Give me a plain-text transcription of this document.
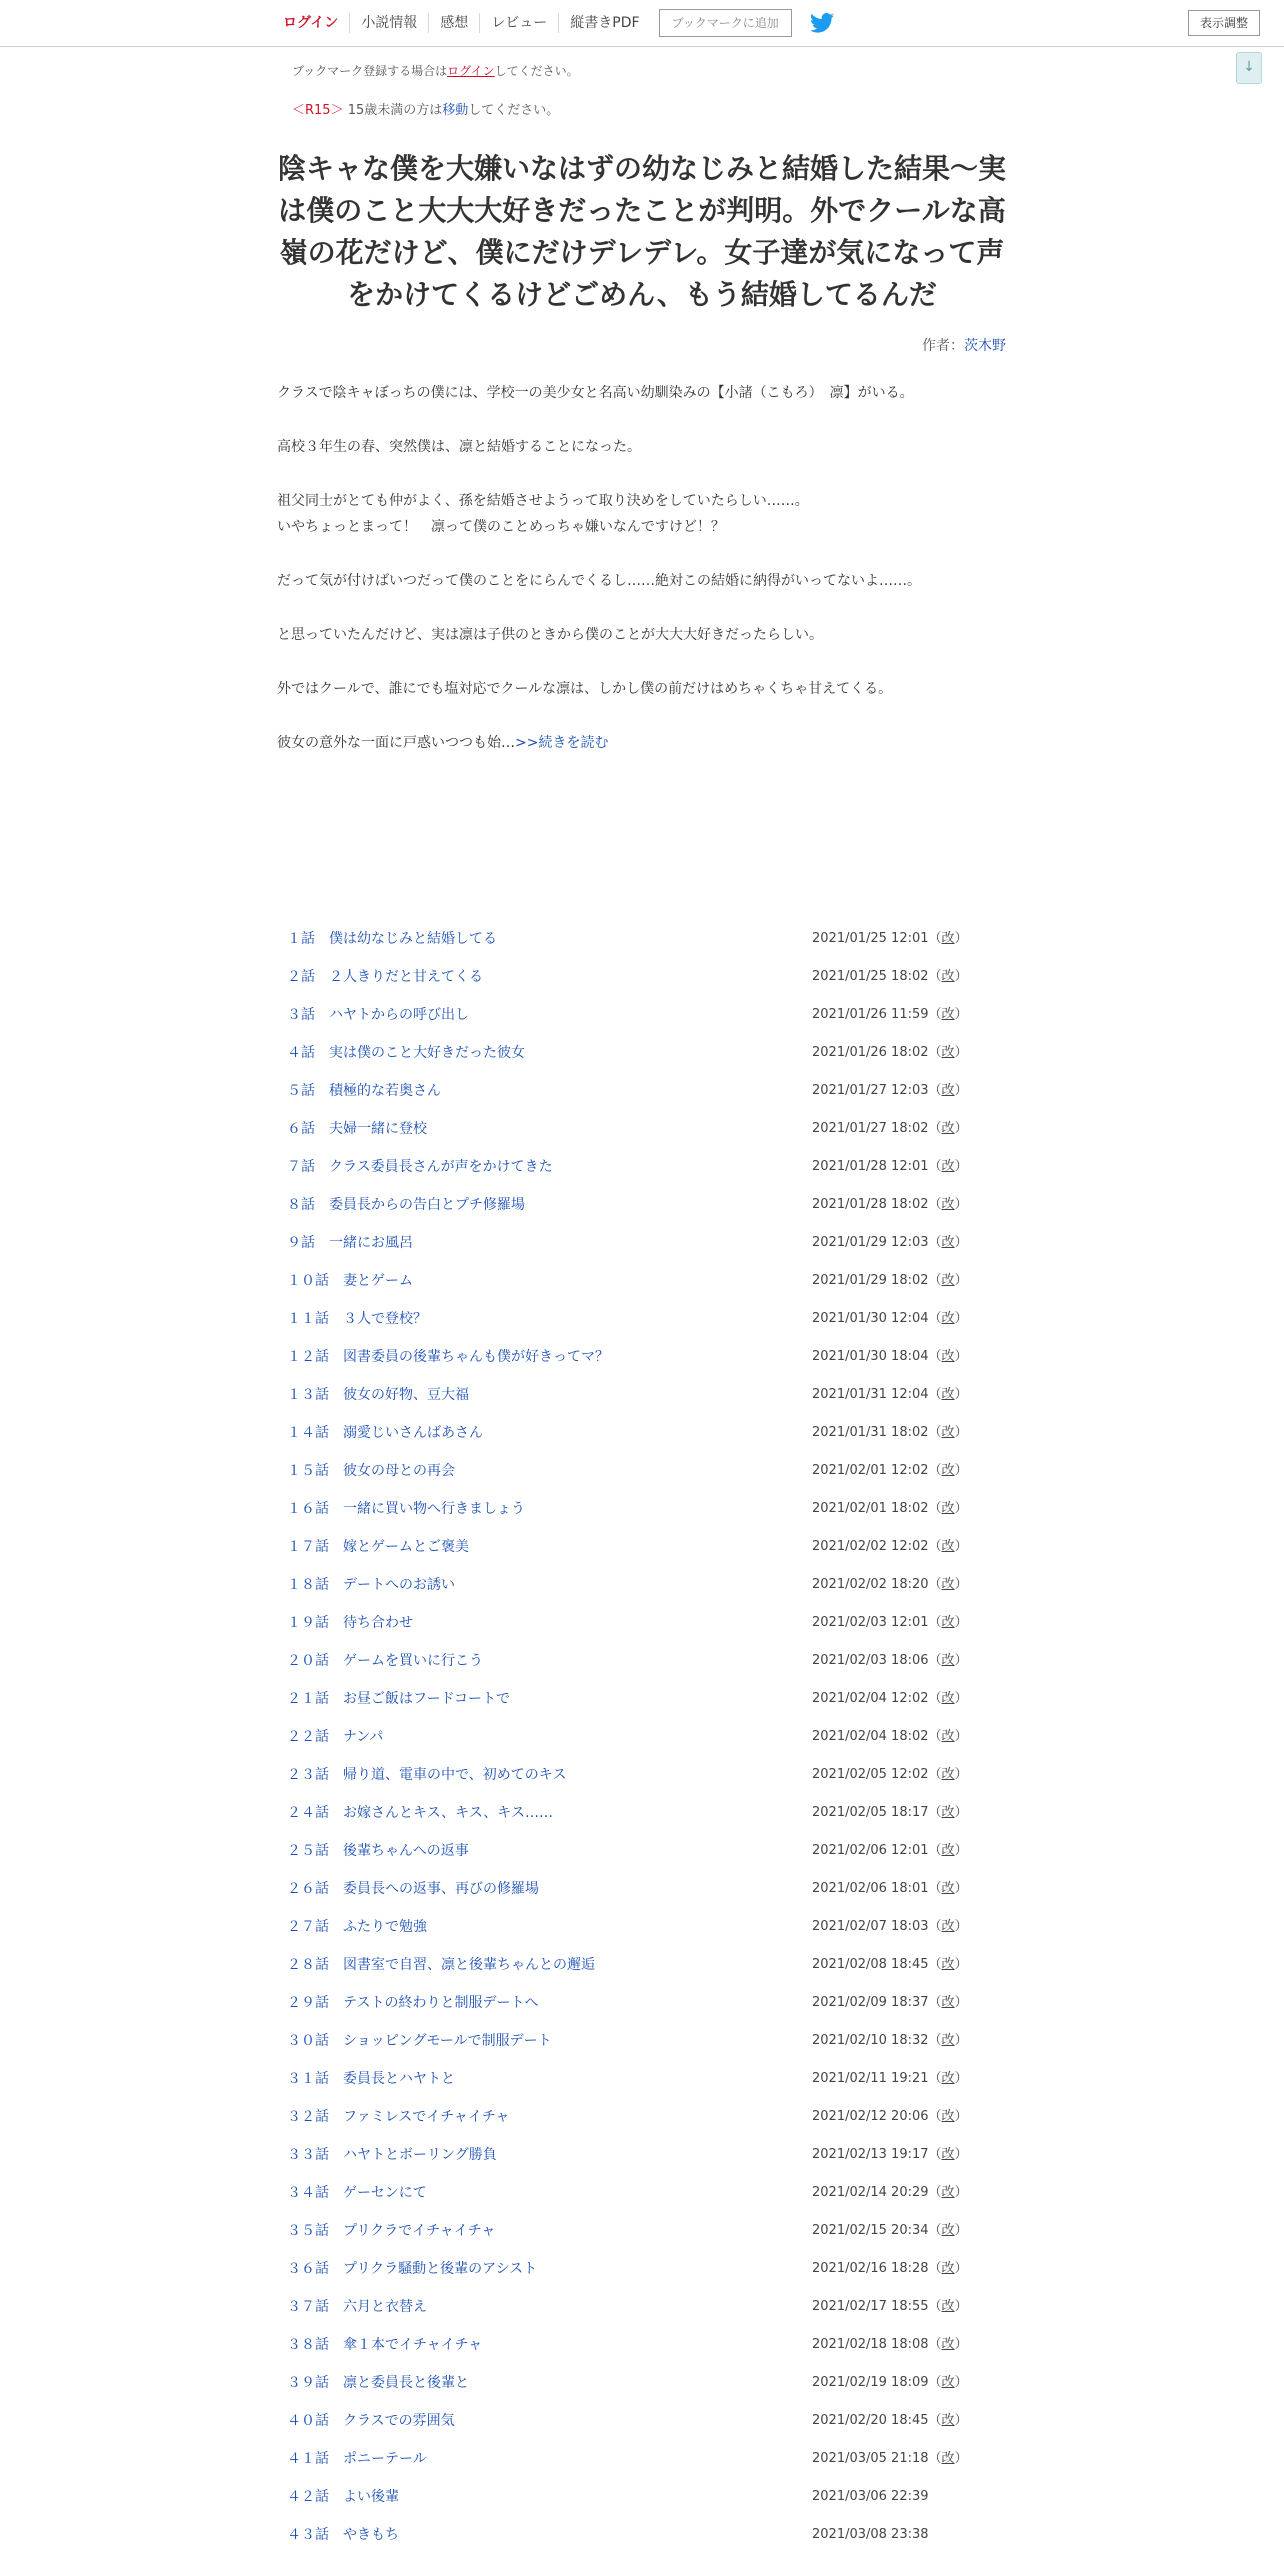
ログイン	小説情報	感想	レビュー	縦書きPDF	ブックマークに追加	表示調整
↓
ブックマーク登録する場合はログインしてください。
＜R15＞ 15歳未満の方は移動してください。
陰キャな僕を大嫌いなはずの幼なじみと結婚した結果～実は僕のこと大大大好きだったことが判明。外でクールな高嶺の花だけど、僕にだけデレデレ。女子達が気になって声をかけてくるけどごめん、もう結婚してるんだ
作者：茨木野

クラスで陰キャぼっちの僕には、学校一の美少女と名高い幼馴染みの【小諸（こもろ）　凛】がいる。

高校３年生の春、突然僕は、凛と結婚することになった。

祖父同士がとても仲がよく、孫を結婚させようって取り決めをしていたらしい……。
いやちょっとまって！　凛って僕のことめっちゃ嫌いなんですけど！？

だって気が付けばいつだって僕のことをにらんでくるし……絶対この結婚に納得がいってないよ……。

と思っていたんだけど、実は凛は子供のときから僕のことが大大大好きだったらしい。

外ではクールで、誰にでも塩対応でクールな凛は、しかし僕の前だけはめちゃくちゃ甘えてくる。

彼女の意外な一面に戸惑いつつも始…>>続きを読む

１話　僕は幼なじみと結婚してる	2021/01/25 12:01（改）
２話　２人きりだと甘えてくる	2021/01/25 18:02（改）
３話　ハヤトからの呼び出し	2021/01/26 11:59（改）
４話　実は僕のこと大好きだった彼女	2021/01/26 18:02（改）
５話　積極的な若奥さん	2021/01/27 12:03（改）
６話　夫婦一緒に登校	2021/01/27 18:02（改）
７話　クラス委員長さんが声をかけてきた	2021/01/28 12:01（改）
８話　委員長からの告白とプチ修羅場	2021/01/28 18:02（改）
９話　一緒にお風呂	2021/01/29 12:03（改）
１０話　妻とゲーム	2021/01/29 18:02（改）
１１話　３人で登校？	2021/01/30 12:04（改）
１２話　図書委員の後輩ちゃんも僕が好きってマ？	2021/01/30 18:04（改）
１３話　彼女の好物、豆大福	2021/01/31 12:04（改）
１４話　溺愛じいさんばあさん	2021/01/31 18:02（改）
１５話　彼女の母との再会	2021/02/01 12:02（改）
１６話　一緒に買い物へ行きましょう	2021/02/01 18:02（改）
１７話　嫁とゲームとご褒美	2021/02/02 12:02（改）
１８話　デートへのお誘い	2021/02/02 18:20（改）
１９話　待ち合わせ	2021/02/03 12:01（改）
２０話　ゲームを買いに行こう	2021/02/03 18:06（改）
２１話　お昼ご飯はフードコートで	2021/02/04 12:02（改）
２２話　ナンパ	2021/02/04 18:02（改）
２３話　帰り道、電車の中で、初めてのキス	2021/02/05 12:02（改）
２４話　お嫁さんとキス、キス、キス……	2021/02/05 18:17（改）
２５話　後輩ちゃんへの返事	2021/02/06 12:01（改）
２６話　委員長への返事、再びの修羅場	2021/02/06 18:01（改）
２７話　ふたりで勉強	2021/02/07 18:03（改）
２８話　図書室で自習、凛と後輩ちゃんとの邂逅	2021/02/08 18:45（改）
２９話　テストの終わりと制服デートへ	2021/02/09 18:37（改）
３０話　ショッピングモールで制服デート	2021/02/10 18:32（改）
３１話　委員長とハヤトと	2021/02/11 19:21（改）
３２話　ファミレスでイチャイチャ	2021/02/12 20:06（改）
３３話　ハヤトとボーリング勝負	2021/02/13 19:17（改）
３４話　ゲーセンにて	2021/02/14 20:29（改）
３５話　プリクラでイチャイチャ	2021/02/15 20:34（改）
３６話　プリクラ騒動と後輩のアシスト	2021/02/16 18:28（改）
３７話　六月と衣替え	2021/02/17 18:55（改）
３８話　傘１本でイチャイチャ	2021/02/18 18:08（改）
３９話　凛と委員長と後輩と	2021/02/19 18:09（改）
４０話　クラスでの雰囲気	2021/02/20 18:45（改）
４１話　ポニーテール	2021/03/05 21:18（改）
４２話　よい後輩	2021/03/06 22:39
４３話　やきもち	2021/03/08 23:38
